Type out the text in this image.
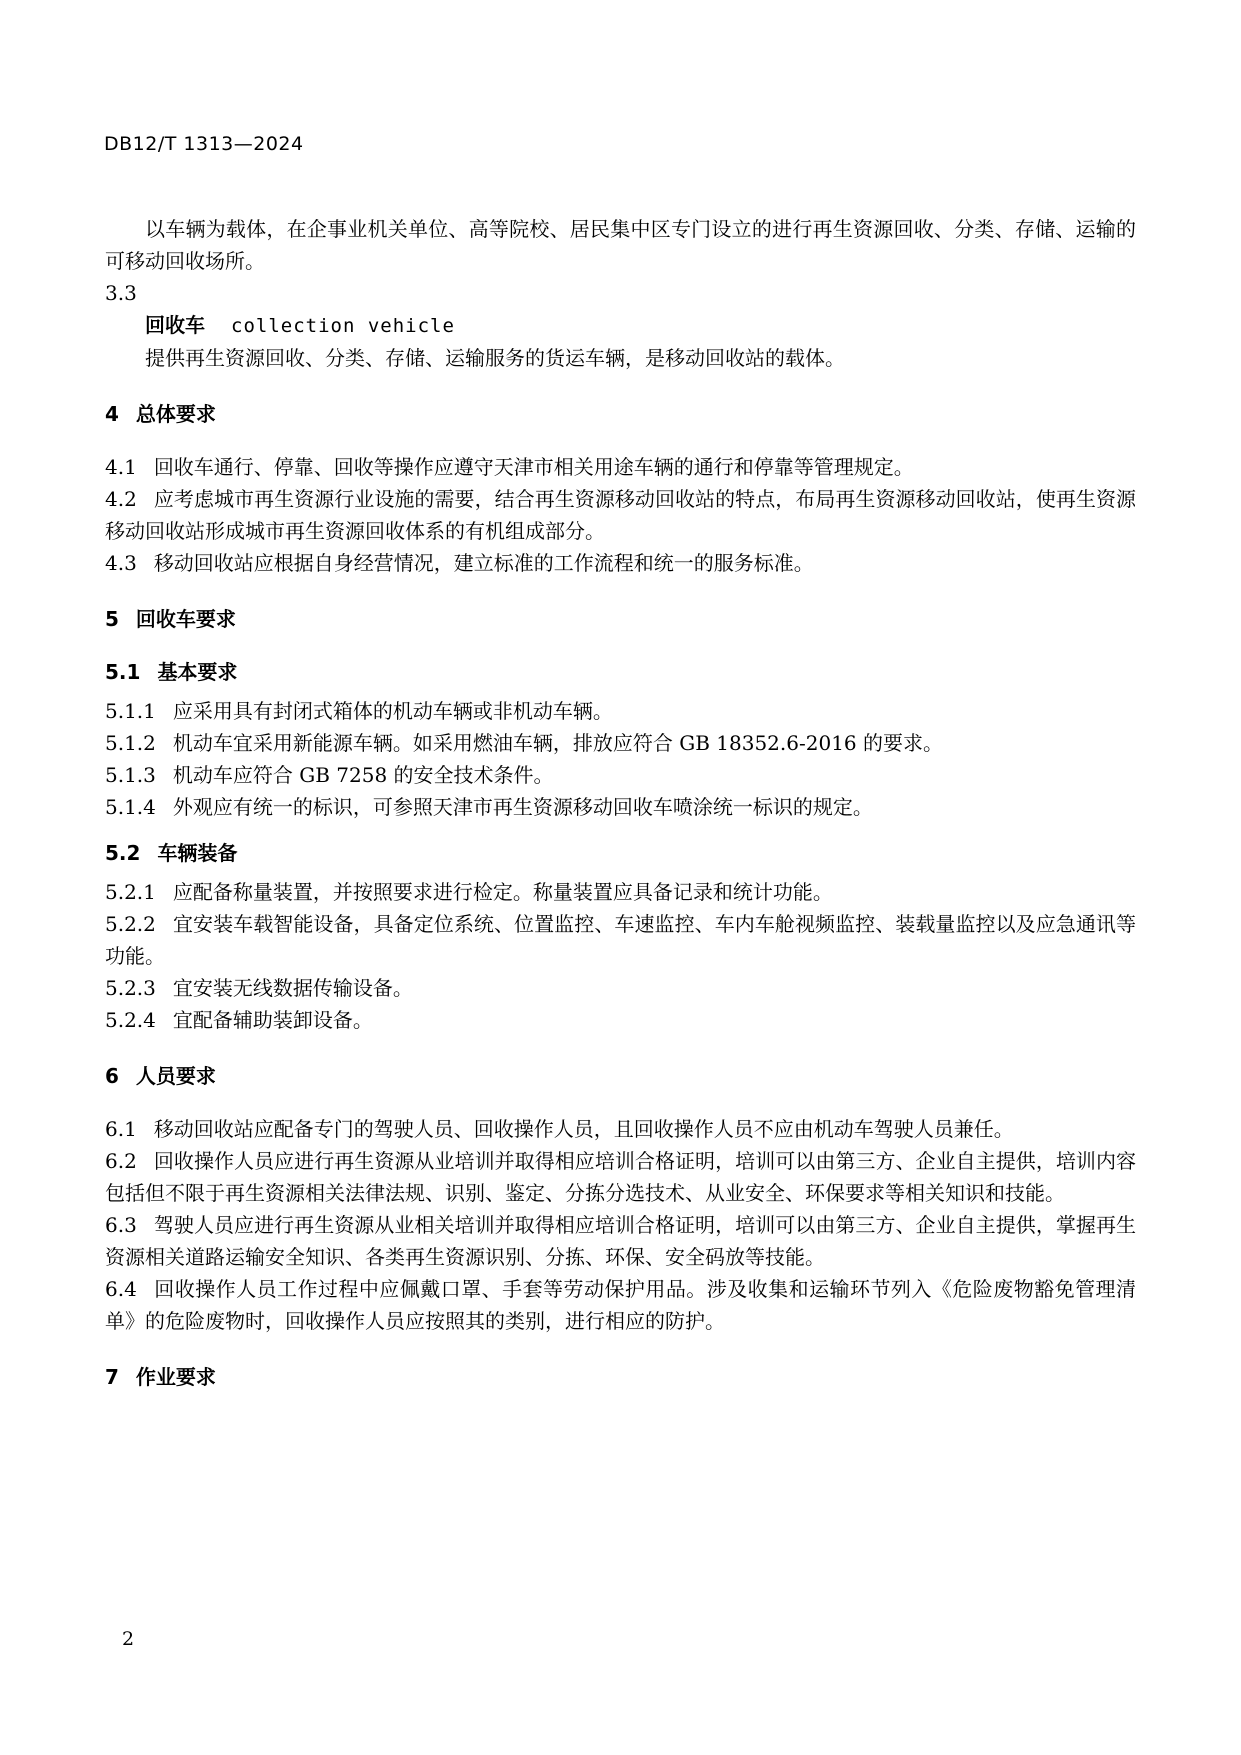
DB12/T 1313—2024
以车辆为载体，在企事业机关单位、高等院校、居民集中区专门设立的进行再生资源回收、分类、存储、运输的可移动回收场所。
3.3
回收车 collection vehicle
提供再生资源回收、分类、存储、运输服务的货运车辆，是移动回收站的载体。
4 总体要求
4.1 回收车通行、停靠、回收等操作应遵守天津市相关用途车辆的通行和停靠等管理规定。
4.2 应考虑城市再生资源行业设施的需要，结合再生资源移动回收站的特点，布局再生资源移动回收站，使再生资源移动回收站形成城市再生资源回收体系的有机组成部分。
4.3 移动回收站应根据自身经营情况，建立标准的工作流程和统一的服务标准。
5 回收车要求
5.1 基本要求
5.1.1 应采用具有封闭式箱体的机动车辆或非机动车辆。
5.1.2 机动车宜采用新能源车辆。如采用燃油车辆，排放应符合 GB 18352.6-2016 的要求。
5.1.3 机动车应符合 GB 7258 的安全技术条件。
5.1.4 外观应有统一的标识，可参照天津市再生资源移动回收车喷涂统一标识的规定。
5.2 车辆装备
5.2.1 应配备称量装置，并按照要求进行检定。称量装置应具备记录和统计功能。
5.2.2 宜安装车载智能设备，具备定位系统、位置监控、车速监控、车内车舱视频监控、装载量监控以及应急通讯等功能。
5.2.3 宜安装无线数据传输设备。
5.2.4 宜配备辅助装卸设备。
6 人员要求
6.1 移动回收站应配备专门的驾驶人员、回收操作人员，且回收操作人员不应由机动车驾驶人员兼任。
6.2 回收操作人员应进行再生资源从业培训并取得相应培训合格证明，培训可以由第三方、企业自主提供，培训内容包括但不限于再生资源相关法律法规、识别、鉴定、分拣分选技术、从业安全、环保要求等相关知识和技能。
6.3 驾驶人员应进行再生资源从业相关培训并取得相应培训合格证明，培训可以由第三方、企业自主提供，掌握再生资源相关道路运输安全知识、各类再生资源识别、分拣、环保、安全码放等技能。
6.4 回收操作人员工作过程中应佩戴口罩、手套等劳动保护用品。涉及收集和运输环节列入《危险废物豁免管理清单》的危险废物时，回收操作人员应按照其的类别，进行相应的防护。
7 作业要求
2
